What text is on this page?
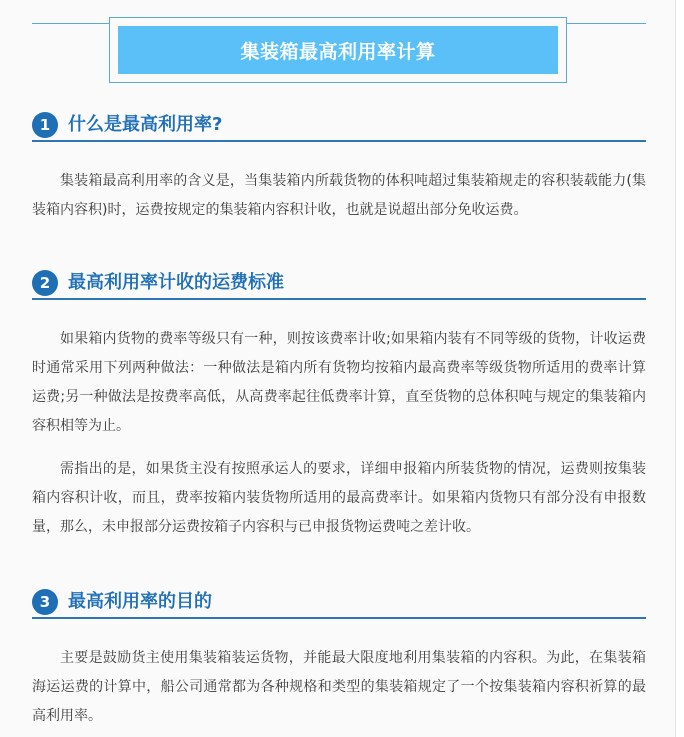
集装箱最高利用率计算
1 什么是最高利用率?

集装箱最高利用率的含义是，当集装箱内所载货物的体积吨超过集装箱规走的容积装载能力(集装箱内容积)时，运费按规定的集装箱内容积计收，也就是说超出部分免收运费。

2 最高利用率计收的运费标准

如果箱内货物的费率等级只有一种，则按该费率计收;如果箱内装有不同等级的货物，计收运费时通常采用下列两种做法：一种做法是箱内所有货物均按箱内最高费率等级货物所适用的费率计算运费;另一种做法是按费率高低，从高费率起往低费率计算，直至货物的总体积吨与规定的集装箱内容积相等为止。

需指出的是，如果货主没有按照承运人的要求，详细申报箱内所装货物的情况，运费则按集装箱内容积计收，而且，费率按箱内装货物所适用的最高费率计。如果箱内货物只有部分没有申报数量，那么，未申报部分运费按箱子内容积与已申报货物运费吨之差计收。

3 最高利用率的目的

主要是鼓励货主使用集装箱装运货物，并能最大限度地利用集装箱的内容积。为此，在集装箱海运运费的计算中，船公司通常都为各种规格和类型的集装箱规定了一个按集装箱内容积祈算的最高利用率。
